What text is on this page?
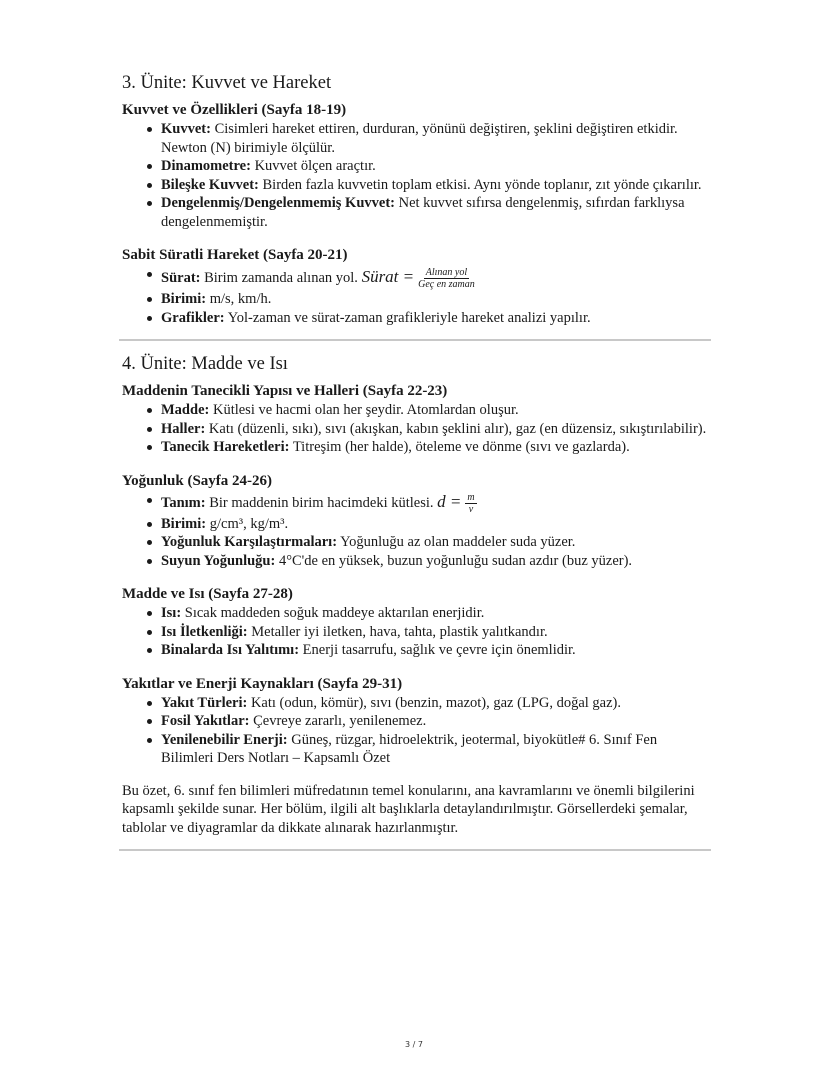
3. Ünite: Kuvvet ve Hareket
Kuvvet ve Özellikleri (Sayfa 18-19)
Kuvvet: Cisimleri hareket ettiren, durduran, yönünü değiştiren, şeklini değiştiren etkidir. Newton (N) birimiyle ölçülür.
Dinamometre: Kuvvet ölçen araçtır.
Bileşke Kuvvet: Birden fazla kuvvetin toplam etkisi. Aynı yönde toplanır, zıt yönde çıkarılır.
Dengelenmiş/Dengelenmemiş Kuvvet: Net kuvvet sıfırsa dengelenmiş, sıfırdan farklıysa dengelenmemiştir.
Sabit Süratli Hareket (Sayfa 20-21)
Sürat: Birim zamanda alınan yol. Sürat = $\frac{\text{Alınan yol}}{\text{Geç en zaman}}$
Birimi: m/s, km/h.
Grafikler: Yol-zaman ve sürat-zaman grafikleriyle hareket analizi yapılır.
4. Ünite: Madde ve Isı
Maddenin Tanecikli Yapısı ve Halleri (Sayfa 22-23)
Madde: Kütlesi ve hacmi olan her şeydir. Atomlardan oluşur.
Haller: Katı (düzenli, sıkı), sıvı (akışkan, kabın şeklini alır), gaz (en düzensiz, sıkıştırılabilir).
Tanecik Hareketleri: Titreşim (her halde), öteleme ve dönme (sıvı ve gazlarda).
Yoğunluk (Sayfa 24-26)
Tanım: Bir maddenin birim hacimdeki kütlesi. $d = \frac{m}{v}$
Birimi: g/cm³, kg/m³.
Yoğunluk Karşılaştırmaları: Yoğunluğu az olan maddeler suda yüzer.
Suyun Yoğunluğu: 4°C'de en yüksek, buzun yoğunluğu sudan azdır (buz yüzer).
Madde ve Isı (Sayfa 27-28)
Isı: Sıcak maddeden soğuk maddeye aktarılan enerjidir.
Isı İletkenliği: Metaller iyi iletken, hava, tahta, plastik yalıtkandır.
Binalarda Isı Yalıtımı: Enerji tasarrufu, sağlık ve çevre için önemlidir.
Yakıtlar ve Enerji Kaynakları (Sayfa 29-31)
Yakıt Türleri: Katı (odun, kömür), sıvı (benzin, mazot), gaz (LPG, doğal gaz).
Fosil Yakıtlar: Çevreye zararlı, yenilenemez.
Yenilenebilir Enerji: Güneş, rüzgar, hidroelektrik, jeotermal, biyokütle# 6. Sınıf Fen Bilimleri Ders Notları – Kapsamlı Özet

Bu özet, 6. sınıf fen bilimleri müfredatının temel konularını, ana kavramlarını ve önemli bilgilerini kapsamlı şekilde sunar. Her bölüm, ilgili alt başlıklarla detaylandırılmıştır. Görsellerdeki şemalar, tablolar ve diyagramlar da dikkate alınarak hazırlanmıştır.

3 / 7
